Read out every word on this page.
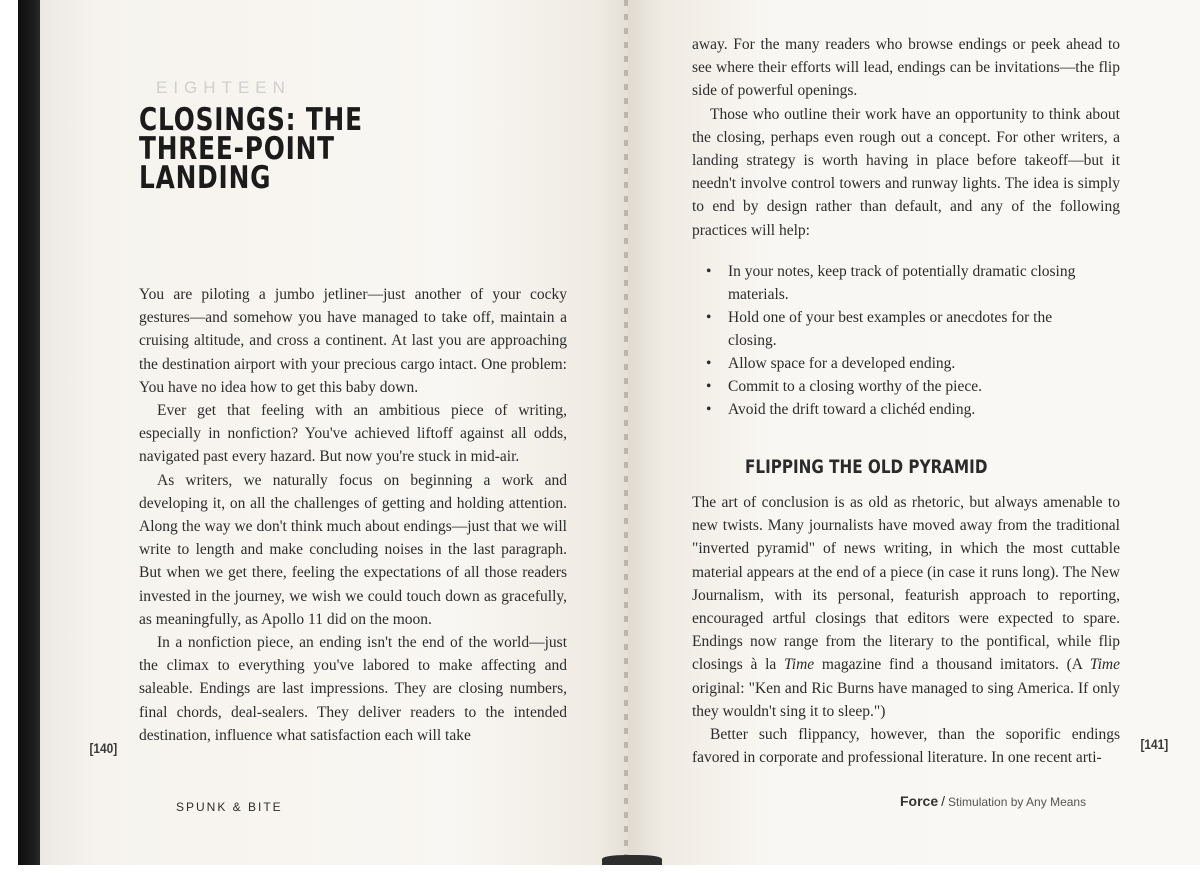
EIGHTEEN
CLOSINGS: THE
THREE-POINT LANDING

You are piloting a jumbo jetliner—just another of your cocky gestures—and somehow you have managed to take off, maintain a cruising altitude, and cross a continent. At last you are approaching the destination airport with your precious cargo intact. One problem: You have no idea how to get this baby down.

Ever get that feeling with an ambitious piece of writing, especially in nonfiction? You've achieved liftoff against all odds, navigated past every hazard. But now you're stuck in mid-air.

As writers, we naturally focus on beginning a work and developing it, on all the challenges of getting and holding attention. Along the way we don't think much about endings—just that we will write to length and make concluding noises in the last paragraph. But when we get there, feeling the expectations of all those readers invested in the journey, we wish we could touch down as gracefully, as meaningfully, as Apollo 11 did on the moon.

In a nonfiction piece, an ending isn't the end of the world—just the climax to everything you've labored to make affecting and saleable. Endings are last impressions. They are closing numbers, final chords, deal-sealers. They deliver readers to the intended destination, influence what satisfaction each will take

[140]
SPUNK & BITE

away. For the many readers who browse endings or peek ahead to see where their efforts will lead, endings can be invitations—the flip side of powerful openings.

Those who outline their work have an opportunity to think about the closing, perhaps even rough out a concept. For other writers, a landing strategy is worth having in place before takeoff—but it needn't involve control towers and runway lights. The idea is simply to end by design rather than default, and any of the following practices will help:

• In your notes, keep track of potentially dramatic closing materials.
• Hold one of your best examples or anecdotes for the closing.
• Allow space for a developed ending.
• Commit to a closing worthy of the piece.
• Avoid the drift toward a clichéd ending.
FLIPPING THE OLD PYRAMID

The art of conclusion is as old as rhetoric, but always amenable to new twists. Many journalists have moved away from the traditional "inverted pyramid" of news writing, in which the most cuttable material appears at the end of a piece (in case it runs long). The New Journalism, with its personal, featurish approach to reporting, encouraged artful closings that editors were expected to spare. Endings now range from the literary to the pontifical, while flip closings à la Time magazine find a thousand imitators. (A Time original: "Ken and Ric Burns have managed to sing America. If only they wouldn't sing it to sleep.")

Better such flippancy, however, than the soporific endings favored in corporate and professional literature. In one recent arti-

[141]
Force / Stimulation by Any Means
